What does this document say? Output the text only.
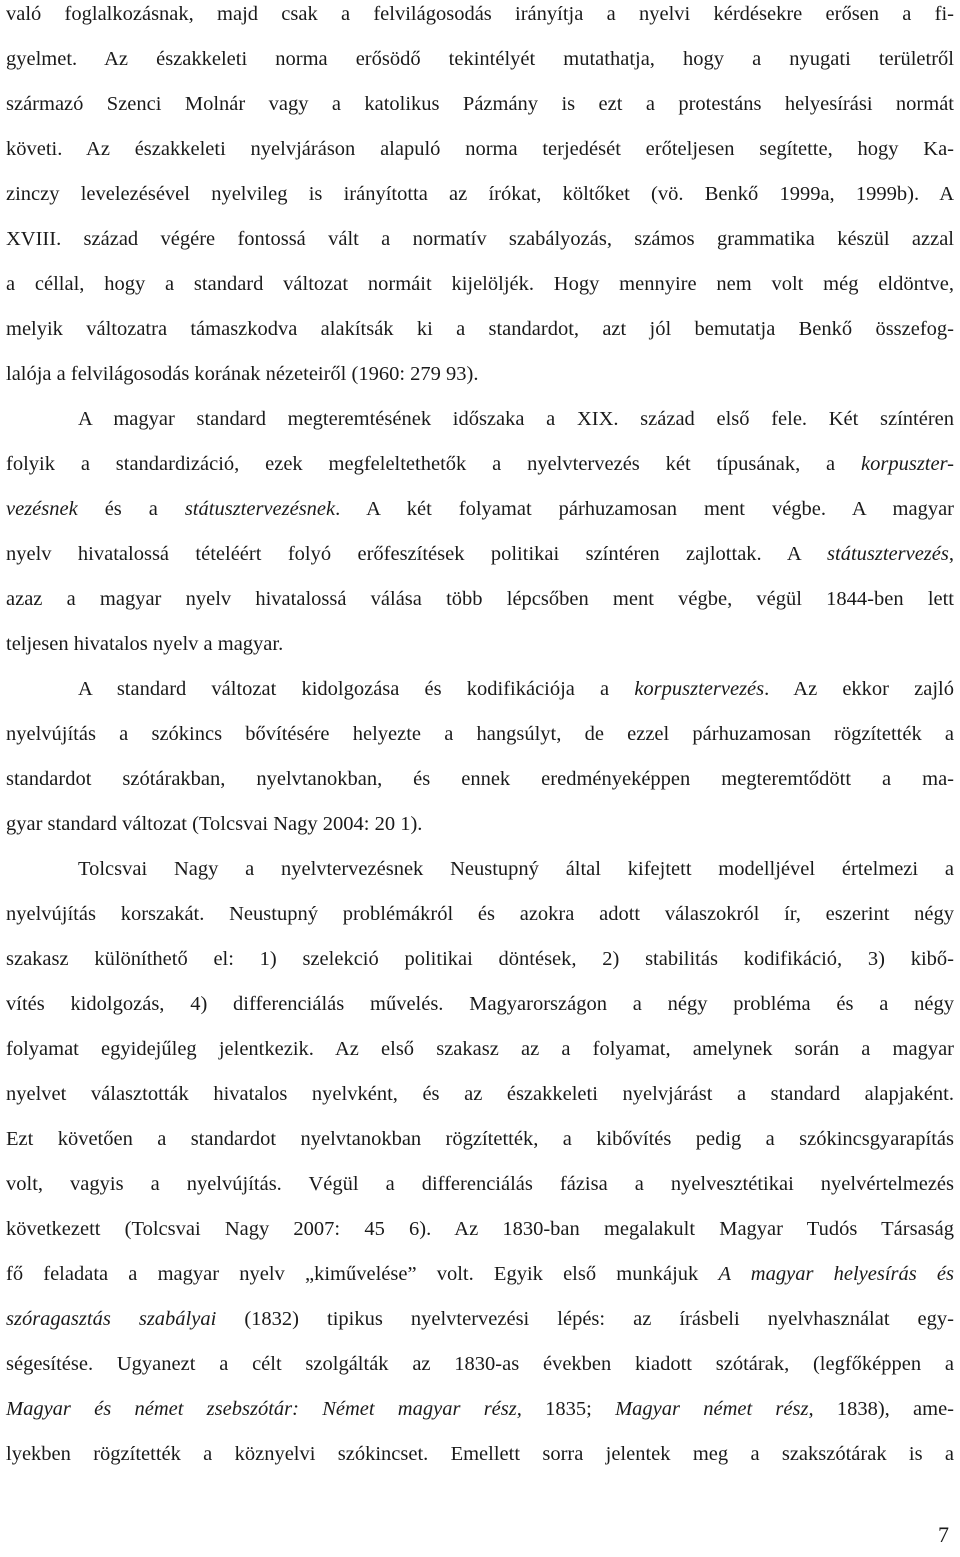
való foglalkozásnak, majd csak a felvilágosodás irányítja a nyelvi kérdésekre erősen a fi-
gyelmet. Az északkeleti norma erősödő tekintélyét mutathatja, hogy a nyugati területről
származó Szenci Molnár vagy a katolikus Pázmány is ezt a protestáns helyesírási normát
követi. Az északkeleti nyelvjáráson alapuló norma terjedését erőteljesen segítette, hogy Ka-
zinczy levelezésével nyelvileg is irányította az írókat, költőket (vö. Benkő 1999a, 1999b). A
XVIII. század végére fontossá vált a normatív szabályozás, számos grammatika készül azzal
a céllal, hogy a standard változat normáit kijelöljék. Hogy mennyire nem volt még eldöntve,
melyik változatra támaszkodva alakítsák ki a standardot, azt jól bemutatja Benkő összefog-
lalója a felvilágosodás korának nézeteiről (1960: 279 93).
A magyar standard megteremtésének időszaka a XIX. század első fele. Két színtéren
folyik a standardizáció, ezek megfeleltethetők a nyelvtervezés két típusának, a korpuszter-
vezésnek és a státusztervezésnek. A két folyamat párhuzamosan ment végbe. A magyar
nyelv hivatalossá tételéért folyó erőfeszítések politikai színtéren zajlottak. A státusztervezés,
azaz a magyar nyelv hivatalossá válása több lépcsőben ment végbe, végül 1844-ben lett
teljesen hivatalos nyelv a magyar.
A standard változat kidolgozása és kodifikációja a korpusztervezés. Az ekkor zajló
nyelvújítás a szókincs bővítésére helyezte a hangsúlyt, de ezzel párhuzamosan rögzítették a
standardot szótárakban, nyelvtanokban, és ennek eredményeképpen megteremtődött a ma-
gyar standard változat (Tolcsvai Nagy 2004: 20 1).
Tolcsvai Nagy a nyelvtervezésnek Neustupný által kifejtett modelljével értelmezi a
nyelvújítás korszakát. Neustupný problémákról és azokra adott válaszokról ír, eszerint négy
szakasz különíthető el: 1) szelekció politikai döntések, 2) stabilitás kodifikáció, 3) kibő-
vítés kidolgozás, 4) differenciálás művelés. Magyarországon a négy probléma és a négy
folyamat egyidejűleg jelentkezik. Az első szakasz az a folyamat, amelynek során a magyar
nyelvet választották hivatalos nyelvként, és az északkeleti nyelvjárást a standard alapjaként.
Ezt követően a standardot nyelvtanokban rögzítették, a kibővítés pedig a szókincsgyarapítás
volt, vagyis a nyelvújítás. Végül a differenciálás fázisa a nyelvesztétikai nyelvértelmezés
következett (Tolcsvai Nagy 2007: 45 6). Az 1830-ban megalakult Magyar Tudós Társaság
fő feladata a magyar nyelv „kiművelése” volt. Egyik első munkájuk A magyar helyesírás és
szóragasztás szabályai (1832) tipikus nyelvtervezési lépés: az írásbeli nyelvhasználat egy-
ségesítése. Ugyanezt a célt szolgálták az 1830-as években kiadott szótárak, (legfőképpen a
Magyar és német zsebszótár: Német magyar rész, 1835; Magyar német rész, 1838), ame-
lyekben rögzítették a köznyelvi szókincset. Emellett sorra jelentek meg a szakszótárak is a
7
